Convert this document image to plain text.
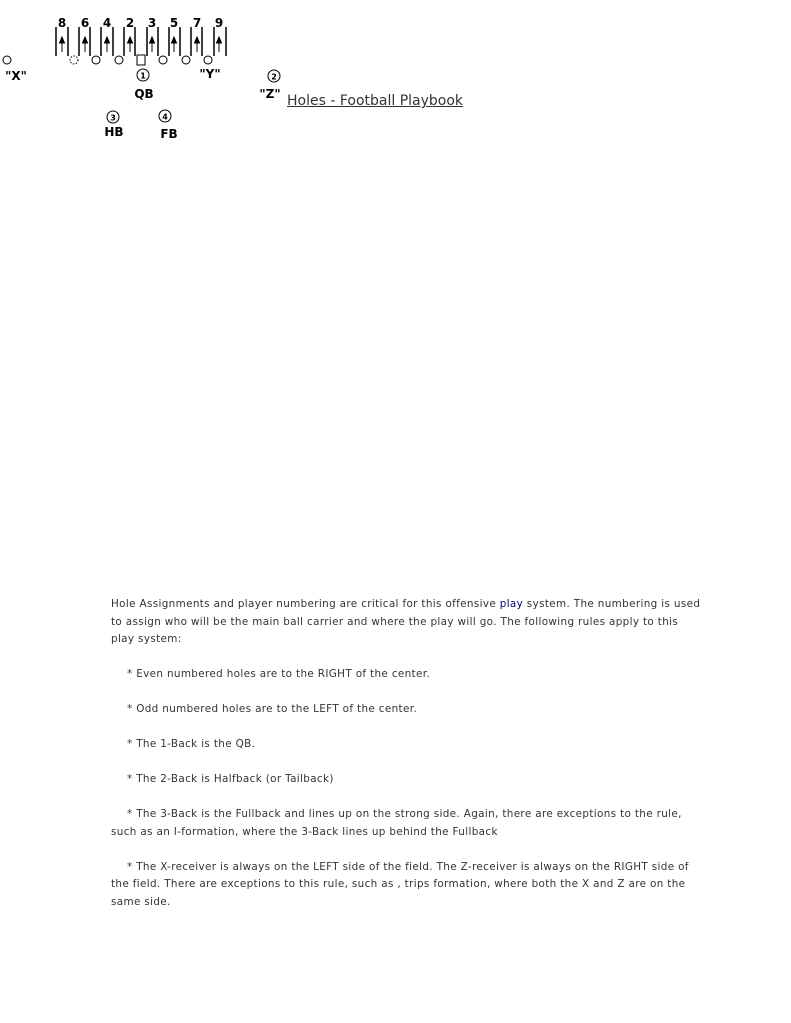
8 6 4 2 3 5 7 9
"X"	"Y"
1
QB
2
"Z"
3
HB
4
FB
Holes - Football Playbook

Hole Assignments and player numbering are critical for this offensive play system. The numbering is used to assign who will be the main ball carrier and where the play will go. The following rules apply to this play system:

* Even numbered holes are to the RIGHT of the center.

* Odd numbered holes are to the LEFT of the center.

* The 1-Back is the QB.

* The 2-Back is Halfback (or Tailback)

* The 3-Back is the Fullback and lines up on the strong side. Again, there are exceptions to the rule, such as an I-formation, where the 3-Back lines up behind the Fullback

* The X-receiver is always on the LEFT side of the field. The Z-receiver is always on the RIGHT side of the field. There are exceptions to this rule, such as , trips formation, where both the X and Z are on the same side.
